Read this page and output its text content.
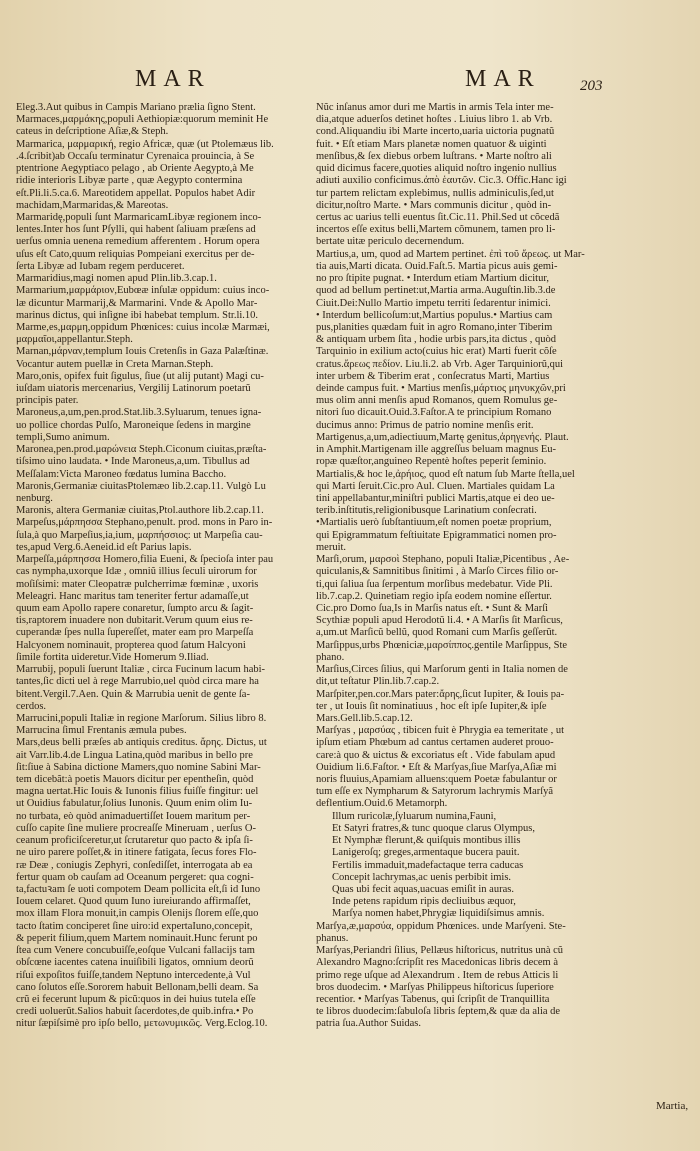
MAR	MAR	203

Eleg.3.Aut quibus in Campis Mariano prælia ſigno Stent.

Marmaces,μαρμάκης,populi Aethiopiæ:quorum meminit He

cateus in deſcriptione Aſiæ,& Steph.

Marmarica, μαρμαρική, regio Africæ, quæ (ut Ptolemæus lib.

.4.ſcribit)ab Occaſu terminatur Cyrenaica prouincia, à Se

ptentrione Aegyptiaco pelago , ab Oriente Aegypto,à Me

ridie interioris Libyæ parte , quæ Aegypto contermina

eſt.Pli.li.5.ca.6. Mareotidem appellat. Populos habet Adir

machidam,Marmaridas,& Mareotas.

Marmaridę,populi ſunt MarmaricamLibyæ regionem inco-

lentes.Inter hos ſunt Pſylli, qui habent ſaliuam præſens ad

uerſus omnia uenena remedium afferentem . Horum opera

uſus eſt Cato,quum reliquias Pompeiani exercitus per de-

ſerta Libyæ ad Iubam regem perduceret.

Marmaridius,magi nomen apud Plin.lib.3.cap.1.

Marmarium,μαρμάριον,Eubœæ inſulæ oppidum: cuius inco-

læ dicuntur Marmarij,& Marmarini. Vnde & Apollo Mar-

marinus dictus, qui inſigne ibi habebat templum. Str.li.10.

Marme,es,μαρμη,oppidum Phœnices: cuius incolæ Marmæi,

μαρμαῖοι,appellantur.Steph.

Marnan,μάρναν,templum Iouis Cretenſis in Gaza Palæſtinæ.

Vocantur autem puellæ in Creta Marnan.Steph.

Maro,onis, opifex fuit ſigulus, ſiue (ut alij putant) Magi cu-

iuſdam uiatoris mercenarius, Vergilij Latinorum poetarũ

principis pater.

Maroneus,a,um,pen.prod.Stat.lib.3.Syluarum, tenues igna-

uo pollice chordas Pulſo, Maroneique ſedens in margine

templi,Sumo animum.

Maronea,pen.prod.μαρώνεια Steph.Ciconum ciuitas,præſta-

tiſsimo uino laudata. • Inde Maroneus,a,um. Tibullus ad

Meſſalam:Victa Maroneo fœdatus lumina Baccho.

Maronis,Germaniæ ciuitasPtolemæo lib.2.cap.11. Vulgò Lu

nenburg.

Maronis, altera Germaniæ ciuitas,Ptol.authore lib.2.cap.11.

Marpeſus,μάρπησσα Stephano,penult. prod. mons in Paro in-

ſula,à quo Marpeſius,ia,ium, μαρπήσσιος: ut Marpeſia cau-

tes,apud Verg.6.Aeneid.id eſt Parius lapis.

Marpeſſa,μάρπησσα Homero,filia Eueni, & ſpecioſa inter pau

cas nympha,uxorque Idæ , omniũ illius ſeculi uirorum for

moſiſsimi: mater Cleopatræ pulcherrimæ fœminæ , uxoris

Meleagri. Hanc maritus tam teneriter fertur adamaſſe,ut

quum eam Apollo rapere conaretur, ſumpto arcu & ſagit-

tis,raptorem inuadere non dubitarit.Verum quum eius re-

cuperandæ ſpes nulla ſupereſſet, mater eam pro Marpeſſa

Halcyonem nominauit, propterea quod ſatum Halcyoni

ſimile fortita uideretur.Vide Homerum 9.Iliad.

Marrubij, populi ſuerunt Italiæ , circa Fucinum lacum habi-

tantes,ſic dicti uel à rege Marrubio,uel quòd circa mare ha

bitent.Vergil.7.Aen. Quin & Marrubia uenit de gente ſa-

cerdos.

Marrucini,populi Italiæ in regione Marſorum. Silius libro 8.

Marrucina ſimul Frentanis æmula pubes.

Mars,deus belli præſes ab antiquis creditus. ἄρης. Dictus, ut

ait Varr.lib.4.de Lingua Latina,quòd maribus in bello pre

ſit:ſiue à Sabina dictione Mamers,quo nomine Sabini Mar-

tem dicebãt:à poetis Mauors dicitur per epentheſin, quòd

magna uertat.Hic Iouis & Iunonis filius fuiſſe fingitur: uel

ut Ouidius fabulatur,ſolius Iunonis. Quum enim olim Iu-

no turbata, eò quòd animaduertiſſet Iouem maritum per-

cuſſo capite ſine muliere procreaſſe Mineruam , uerſus O-

ceanum proficiſceretur,ut ſcrutaretur quo pacto & ipſa ſi-

ne uiro parere poſſet,& in itinere fatigata, ſecus fores Flo-

ræ Deæ , coniugis Zephyri, conſediſſet, interrogata ab ea

fertur quam ob cauſam ad Oceanum pergeret: qua cogni-

ta,factuꝛam ſe uoti compotem Deam pollicita eſt,ſi id Iuno

Iouem celaret. Quod quum Iuno iureiurando affirmaſſet,

mox illam Flora monuit,in campis Olenijs ſlorem eſſe,quo

tacto ſtatim conciperet ſine uiro:id expertaIuno,concepit,

& peperit filium,quem Martem nominauit.Hunc ferunt po

ſtea cum Venere concubuiſſe,eoſque Vulcani fallacijs tam

obſcœne iacentes catena inuiſibili ligatos, omnium deorũ

riſui expoſitos fuiſſe,tandem Neptuno intercedente,à Vul

cano ſolutos eſſe.Sororem habuit Bellonam,belli deam. Sa

crũ ei fecerunt lupum & picũ:quos in dei huius tutela eſſe

credi uoluerũt.Salios habuit ſacerdotes,de quib.infra.• Po

nitur ſæpiſsimè pro ipſo bello, μετωνυμικῶς. Verg.Eclog.10.

Nũc inſanus amor duri me Martis in armis Tela inter me-

dia,atque aduerſos detinet hoſtes . Liuius libro 1. ab Vrb.

cond.Aliquandiu ibi Marte incerto,uaria uictoria pugnatũ

fuit. • Eſt etiam Mars planetæ nomen quatuor & uiginti

menſibus,& ſex diebus orbem luſtrans. • Marte noſtro ali

quid dicimus facere,quoties aliquid noſtro ingenio nullius

adiuti auxilio conficimus.ἀπὸ ἑαυτῶν. Cic.3. Offic.Hanc igi

tur partem relictam explebimus, nullis adminiculis,ſed,ut

dicitur,noſtro Marte. • Mars communis dicitur , quòd in-

certus ac uarius telli euentus ſit.Cic.11. Phil.Sed ut cõcedã

incertos eſſe exitus belli,Martem cõmunem, tamen pro li-

bertate uitæ periculo decernendum.

Martius,a, um, quod ad Martem pertinet. ἐπὶ τοῦ ἄρεως. ut Mar-

tia auis,Marti dicata. Ouid.Faſt.5. Martia picus auis gemi-

no pro ſtipite pugnat. • Interdum etiam Martium dicitur,

quod ad bellum pertinet:ut,Martia arma.Auguſtin.lib.3.de

Ciuit.Dei:Nullo Martio impetu territi ſedarentur inimici.

• Interdum bellicoſum:ut,Martius populus.• Martius cam

pus,planities quædam fuit in agro Romano,inter Tiberim

& antiquam urbem ſita , hodie urbis pars,ita dictus , quòd

Tarquinio in exilium acto(cuius hic erat) Marti fuerit cõſe

cratus.ἄρεως πεδίον. Liu.li.2. ab Vrb. Ager Tarquiniorũ,qui

inter urbem & Tiberim erat , conſecratus Marti, Martius

deinde campus fuit. • Martius menſis,μάρτιος μηνυκχῶν,pri

mus olim anni menſis apud Romanos, quem Romulus ge-

nitori ſuo dicauit.Ouid.3.Faſtor.A te principium Romano

ducimus anno: Primus de patrio nomine menſis erit.

Martigenus,a,um,adiectiuum,Martę genitus,ἀρηγενής. Plaut.

in Amphit.Martigenam ille aggreſſus beluam magnus Eu-

ropæ quæſtor,anguineo Repentè hoſtes peperit ſeminio.

Martialis,& hoc le,ἀρήιος, quod eſt natum ſub Marte ſtella,uel

qui Marti ſeruit.Cic.pro Aul. Cluen. Martiales quidam La

tini appellabantur,miniſtri publici Martis,atque ei deo ue-

terib.inſtitutis,religionibusque Larinatium conſecrati.

•Martialis uerò ſubſtantiuum,eſt nomen poetæ proprium,

qui Epigrammatum feſtiuitate Epigrammatici nomen pro-

meruit.

Marſi,orum, μαρσοὶ Stephano, populi Italiæ,Picentibus , Ae-

quiculanis,& Samnitibus ſinitimi , à Marſo Circes filio or-

ti,qui ſaliua ſua ſerpentum morſibus medebatur. Vide Pli.

lib.7.cap.2. Quinetiam regio ipſa eodem nomine eſſertur.

Cic.pro Domo ſua,Is in Marſis natus eſt. • Sunt & Marſi

Scythiæ populi apud Herodotũ li.4. • A Marſis ſit Marſicus,

a,um.ut Marſicũ bellũ, quod Romani cum Marſis geſſerũt.

Marſippus,urbs Phœniciæ,μαρσίππος.gentile Marſippus, Ste

phano.

Marſius,Circes ſilius, qui Marſorum genti in Italia nomen de

dit,ut teſtatur Plin.lib.7.cap.2.

Marſpiter,pen.cor.Mars pater:ἄρης,ſicut Iupiter, & Iouis pa-

ter , ut Iouis ſit nominatiuus , hoc eſt ipſe Iupiter,& ipſe

Mars.Gell.lib.5.cap.12.

Marſyas , μαρσύας , tibicen fuit è Phrygia ea temeritate , ut

ipſum etiam Phœbum ad cantus certamen auderet prouo-

care:à quo & uictus & excoriatus eſt . Vide fabulam apud

Ouidium li.6.Faſtor. • Eſt & Marſyas,ſiue Marſya,Aſiæ mi

noris fluuius,Apamiam alluens:quem Poetæ fabulantur or

tum eſſe ex Nympharum & Satyrorum lachrymis Marſyã

deflentium.Ouid.6 Metamorph.

Illum ruricolæ,ſyluarum numina,Fauni,

Et Satyri fratres,& tunc quoque clarus Olympus,

Et Nymphæ flerunt,& quiſquis montibus illis

Lanigeroſq; greges,armentaque bucera pauit.

Fertilis immaduit,madefactaque terra caducas

Concepit lachrymas,ac uenis perbibit imis.

Quas ubi fecit aquas,uacuas emiſit in auras.

Inde petens rapidum ripis decliuibus æquor,

Marſya nomen habet,Phrygiæ liquidiſsimus amnis.

Marſya,æ,μαρσύα, oppidum Phœnices. unde Marſyeni. Ste-

phanus.

Marſyas,Periandri ſilius, Pellæus hiſtoricus, nutritus unà cũ

Alexandro Magno:ſcripſit res Macedonicas libris decem à

primo rege uſque ad Alexandrum . Item de rebus Atticis li

bros duodecim. • Marſyas Philippeus hiſtoricus ſuperiore

recentior. • Marſyas Tabenus, qui ſcripſit de Tranquillita

te libros duodecim:ſabuloſa libris ſeptem,& quæ da alia de

patria ſua.Author Suidas.

Martia,
